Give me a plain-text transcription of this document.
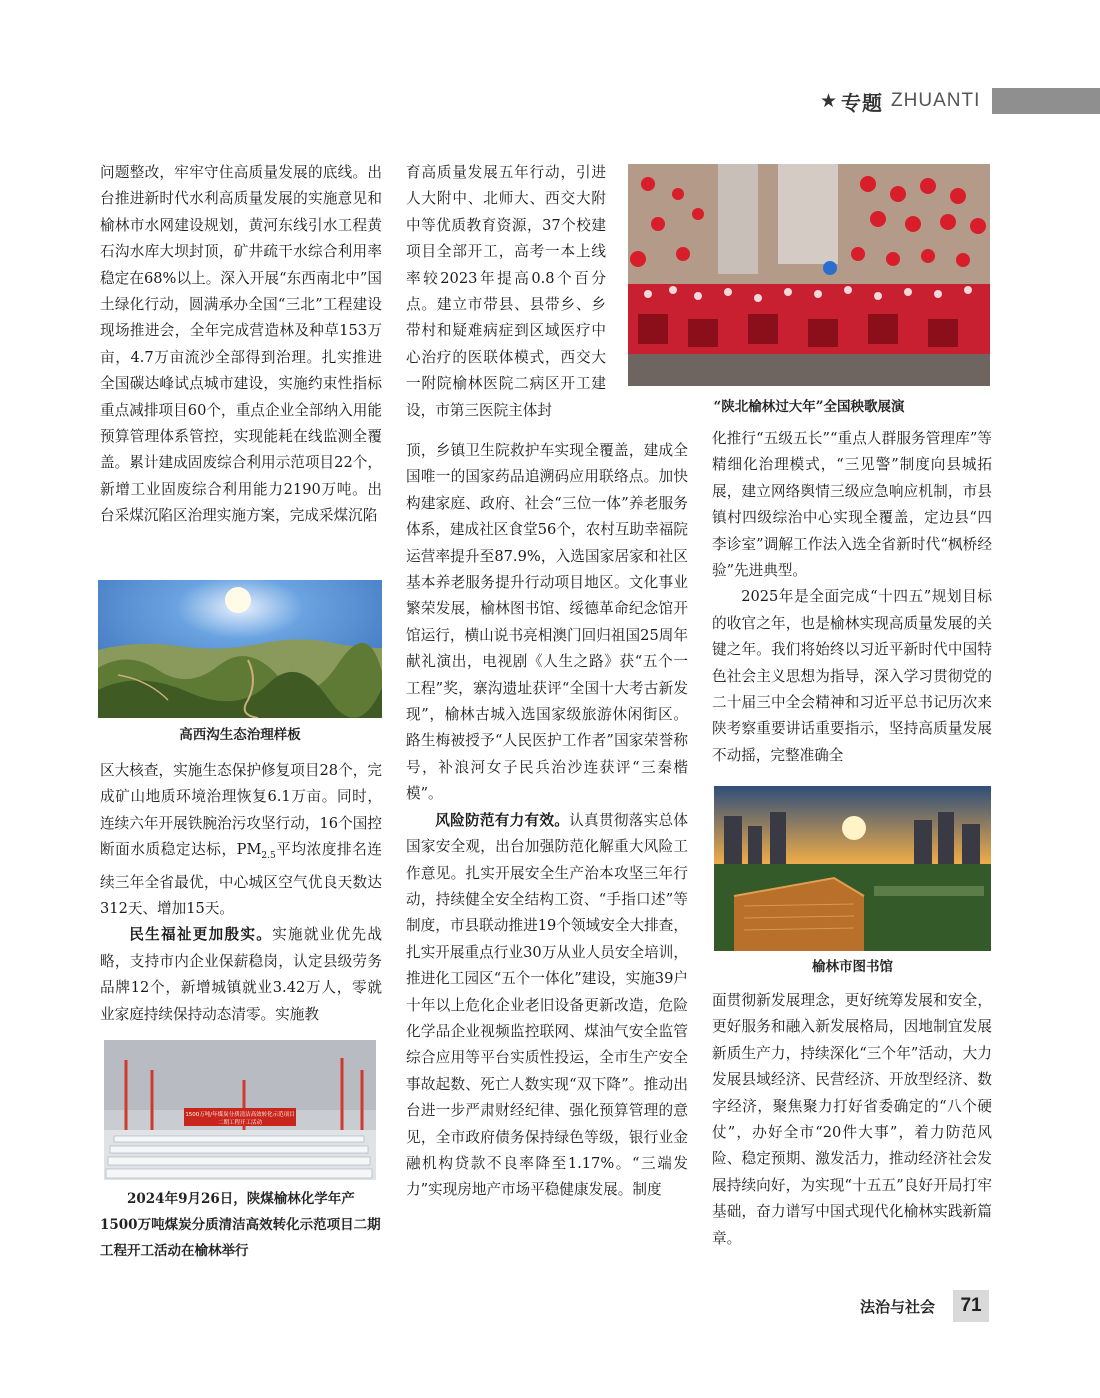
★ 专题 ZHUANTI

问题整改，牢牢守住高质量发展的底线。出台推进新时代水利高质量发展的实施意见和榆林市水网建设规划，黄河东线引水工程黄石沟水库大坝封顶，矿井疏干水综合利用率稳定在68%以上。深入开展“东西南北中”国土绿化行动，圆满承办全国“三北”工程建设现场推进会，全年完成营造林及种草153万亩，4.7万亩流沙全部得到治理。扎实推进全国碳达峰试点城市建设，实施约束性指标重点减排项目60个，重点企业全部纳入用能预算管理体系管控，实现能耗在线监测全覆盖。累计建成固废综合利用示范项目22个，新增工业固废综合利用能力2190万吨。出台采煤沉陷区治理实施方案，完成采煤沉陷

高西沟生态治理样板

区大核查，实施生态保护修复项目28个，完成矿山地质环境治理恢复6.1万亩。同时，连续六年开展铁腕治污攻坚行动，16个国控断面水质稳定达标，$PM_{2.5}$平均浓度排名连续三年全省最优，中心城区空气优良天数达312天、增加15天。

民生福祉更加殷实。实施就业优先战略，支持市内企业保薪稳岗，认定县级劳务品牌12个，新增城镇就业3.42万人，零就业家庭持续保持动态清零。实施教

1500万吨/年煤炭分质清洁高效转化示范项目
二期工程开工活动
2024年9月26日，陕煤榆林化学年产1500万吨煤炭分质清洁高效转化示范项目二期工程开工活动在榆林举行

育高质量发展五年行动，引进人大附中、北师大、西交大附中等优质教育资源，37个校建项目全部开工，高考一本上线率较2023年提高0.8个百分点。建立市带县、县带乡、乡带村和疑难病症到区域医疗中心治疗的医联体模式，西交大一附院榆林医院二病区开工建设，市第三医院主体封

顶，乡镇卫生院救护车实现全覆盖，建成全国唯一的国家药品追溯码应用联络点。加快构建家庭、政府、社会“三位一体”养老服务体系，建成社区食堂56个，农村互助幸福院运营率提升至87.9%，入选国家居家和社区基本养老服务提升行动项目地区。文化事业繁荣发展，榆林图书馆、绥德革命纪念馆开馆运行，横山说书亮相澳门回归祖国25周年献礼演出，电视剧《人生之路》获“五个一工程”奖，寨沟遗址获评“全国十大考古新发现”，榆林古城入选国家级旅游休闲街区。路生梅被授予“人民医护工作者”国家荣誉称号，补浪河女子民兵治沙连获评“三秦楷模”。

风险防范有力有效。认真贯彻落实总体国家安全观，出台加强防范化解重大风险工作意见。扎实开展安全生产治本攻坚三年行动，持续健全安全结构工资、“手指口述”等制度，市县联动推进19个领域安全大排查，扎实开展重点行业30万从业人员安全培训，推进化工园区“五个一体化”建设，实施39户十年以上危化企业老旧设备更新改造，危险化学品企业视频监控联网、煤油气安全监管综合应用等平台实质性投运，全市生产安全事故起数、死亡人数实现“双下降”。推动出台进一步严肃财经纪律、强化预算管理的意见，全市政府债务保持绿色等级，银行业金融机构贷款不良率降至1.17%。“三端发力”实现房地产市场平稳健康发展。制度

“陕北榆林过大年”全国秧歌展演

化推行“五级五长”“重点人群服务管理库”等精细化治理模式，“三见警”制度向县城拓展，建立网络舆情三级应急响应机制，市县镇村四级综治中心实现全覆盖，定边县“四李诊室”调解工作法入选全省新时代“枫桥经验”先进典型。

2025年是全面完成“十四五”规划目标的收官之年，也是榆林实现高质量发展的关键之年。我们将始终以习近平新时代中国特色社会主义思想为指导，深入学习贯彻党的二十届三中全会精神和习近平总书记历次来陕考察重要讲话重要指示，坚持高质量发展不动摇，完整准确全

榆林市图书馆

面贯彻新发展理念，更好统筹发展和安全，更好服务和融入新发展格局，因地制宜发展新质生产力，持续深化“三个年”活动，大力发展县域经济、民营经济、开放型经济、数字经济，聚焦聚力打好省委确定的“八个硬仗”，办好全市“20件大事”，着力防范风险、稳定预期、激发活力，推动经济社会发展持续向好，为实现“十五五”良好开局打牢基础，奋力谱写中国式现代化榆林实践新篇章。

法治与社会	71
